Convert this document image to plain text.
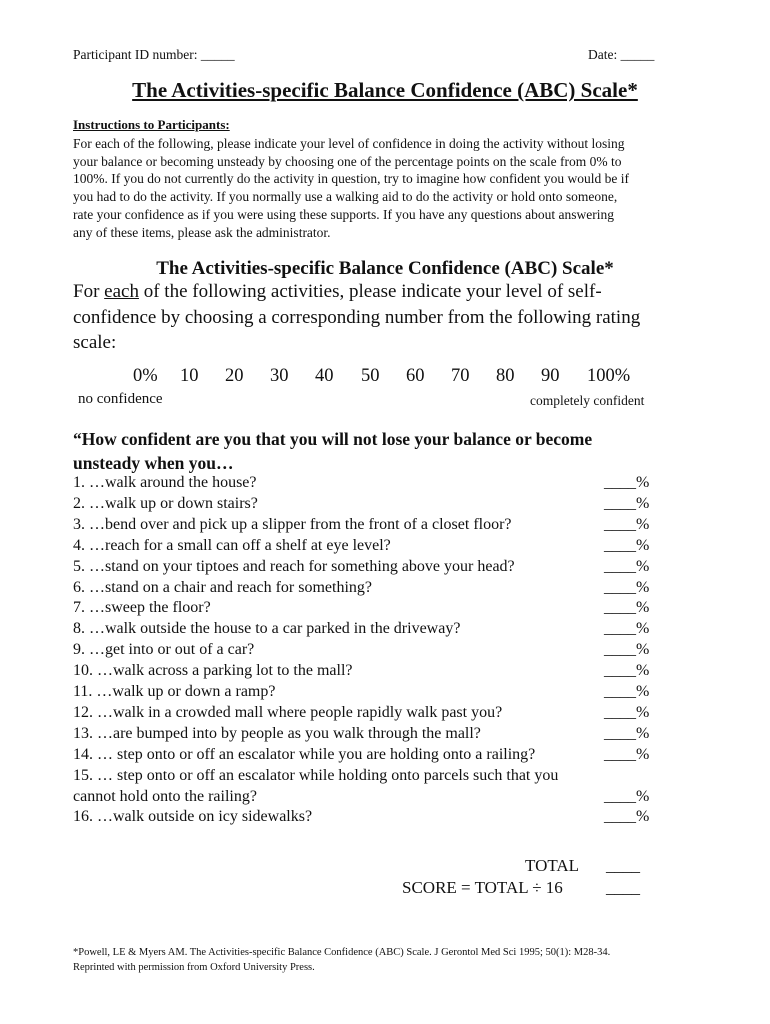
Participant ID number: _____	Date: _____
The Activities-specific Balance Confidence (ABC) Scale*
Instructions to Participants:
For each of the following, please indicate your level of confidence in doing the activity without losing
your balance or becoming unsteady by choosing one of the percentage points on the scale from 0% to
100%. If you do not currently do the activity in question, try to imagine how confident you would be if
you had to do the activity. If you normally use a walking aid to do the activity or hold onto someone,
rate your confidence as if you were using these supports. If you have any questions about answering
any of these items, please ask the administrator.
The Activities-specific Balance Confidence (ABC) Scale*
For each of the following activities, please indicate your level of self-
confidence by choosing a corresponding number from the following rating
scale:
0% 10 20 30 40 50 60 70 80 90 100%
no confidence	completely confident
“How confident are you that you will not lose your balance or become
unsteady when you…
1. …walk around the house?	____%
2. …walk up or down stairs?	____%
3. …bend over and pick up a slipper from the front of a closet floor?	____%
4. …reach for a small can off a shelf at eye level?	____%
5. …stand on your tiptoes and reach for something above your head?	____%
6. …stand on a chair and reach for something?	____%
7. …sweep the floor?	____%
8. …walk outside the house to a car parked in the driveway?	____%
9. …get into or out of a car?	____%
10. …walk across a parking lot to the mall?	____%
11. …walk up or down a ramp?	____%
12. …walk in a crowded mall where people rapidly walk past you?	____%
13. …are bumped into by people as you walk through the mall?	____%
14. … step onto or off an escalator while you are holding onto a railing?	____%
15. … step onto or off an escalator while holding onto parcels such that you
cannot hold onto the railing?	____%
16. …walk outside on icy sidewalks?	____%
TOTAL ____
SCORE = TOTAL ÷ 16	____
*Powell, LE & Myers AM. The Activities-specific Balance Confidence (ABC) Scale. J Gerontol Med Sci 1995; 50(1): M28-34.
Reprinted with permission from Oxford University Press.
